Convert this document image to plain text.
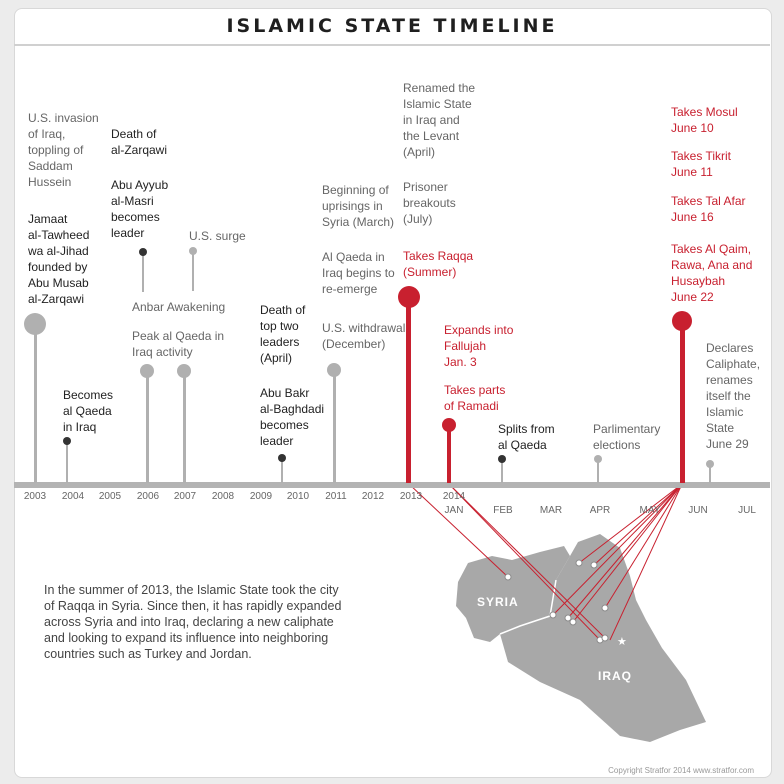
ISLAMIC STATE TIMELINE
SYRIA
IRAQ
★
2003	2004	2005	2006	2007	2008	2009	2010	2011	2012	2013	2014
JAN	FEB	MAR	APR	MAY	JUN	JUL
U.S. invasion
of Iraq,
toppling of
Saddam
Hussein
Jamaat
al-Tawheed
wa al-Jihad
founded by
Abu Musab
al-Zarqawi
Becomes
al Qaeda
in Iraq
Death of
al-Zarqawi
Abu Ayyub
al-Masri
becomes
leader	U.S. surge
Anbar Awakening
Peak al Qaeda in
Iraq activity
Death of
top two
leaders
(April)
Abu Bakr
al-Baghdadi
becomes
leader
Beginning of
uprisings in
Syria (March)
Al Qaeda in
Iraq begins to
re-emerge
U.S. withdrawal
(December)
Renamed the
Islamic State
in Iraq and
the Levant
(April)
Prisoner
breakouts
(July)
Takes Raqqa
(Summer)
Expands into
Fallujah
Jan. 3
Takes parts
of Ramadi
Splits from
al Qaeda
Parlimentary
elections
Takes Mosul
June 10
Takes Tikrit
June 11
Takes Tal Afar
June 16
Takes Al Qaim,
Rawa, Ana and
Husaybah
June 22
Declares
Caliphate,
renames
itself the
Islamic
State
June 29
In the summer of 2013, the Islamic State took the city of Raqqa in Syria. Since then, it has rapidly expanded across Syria and into Iraq, declaring a new caliphate and looking to expand its influence into neighboring countries such as Turkey and Jordan.
Copyright Stratfor 2014 www.stratfor.com
